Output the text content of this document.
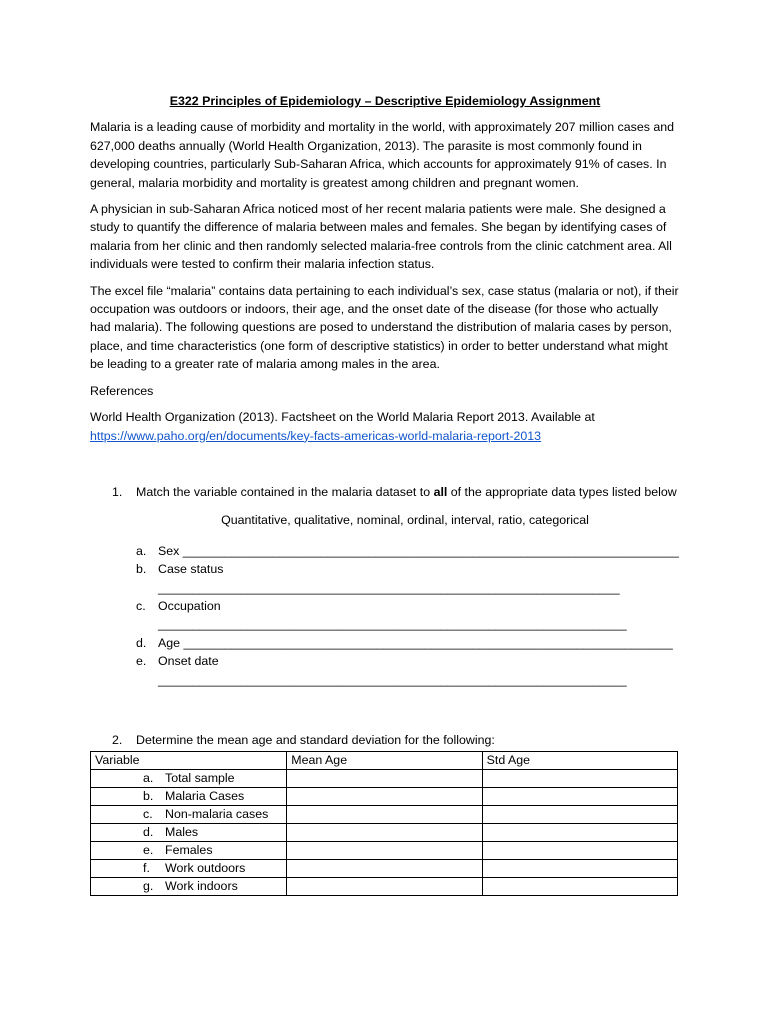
E322 Principles of Epidemiology – Descriptive Epidemiology Assignment

Malaria is a leading cause of morbidity and mortality in the world, with approximately 207 million cases and 627,000 deaths annually (World Health Organization, 2013). The parasite is most commonly found in developing countries, particularly Sub-Saharan Africa, which accounts for approximately 91% of cases. In general, malaria morbidity and mortality is greatest among children and pregnant women.

A physician in sub-Saharan Africa noticed most of her recent malaria patients were male. She designed a study to quantify the difference of malaria between males and females. She began by identifying cases of malaria from her clinic and then randomly selected malaria-free controls from the clinic catchment area. All individuals were tested to confirm their malaria infection status.

The excel file “malaria” contains data pertaining to each individual’s sex, case status (malaria or not), if their occupation was outdoors or indoors, their age, and the onset date of the disease (for those who actually had malaria). The following questions are posed to understand the distribution of malaria cases by person, place, and time characteristics (one form of descriptive statistics) in order to better understand what might be leading to a greater rate of malaria among males in the area.

References

World Health Organization (2013). Factsheet on the World Malaria Report 2013. Available at
https://www.paho.org/en/documents/key-facts-americas-world-malaria-report-2013

1.	Match the variable contained in the malaria dataset to all of the appropriate data types listed below
Quantitative, qualitative, nominal, ordinal, interval, ratio, categorical
a. Sex ________________________________________________________________________
b. Case status ___________________________________________________________________
c. Occupation ____________________________________________________________________
d. Age _______________________________________________________________________
e. Onset date ____________________________________________________________________
2.	Determine the mean age and standard deviation for the following:
Variable	Mean Age	Std Age

a. Total sample		

b. Malaria Cases		

c. Non-malaria cases		

d. Males		

e. Females		

f. Work outdoors		

g. Work indoors		
